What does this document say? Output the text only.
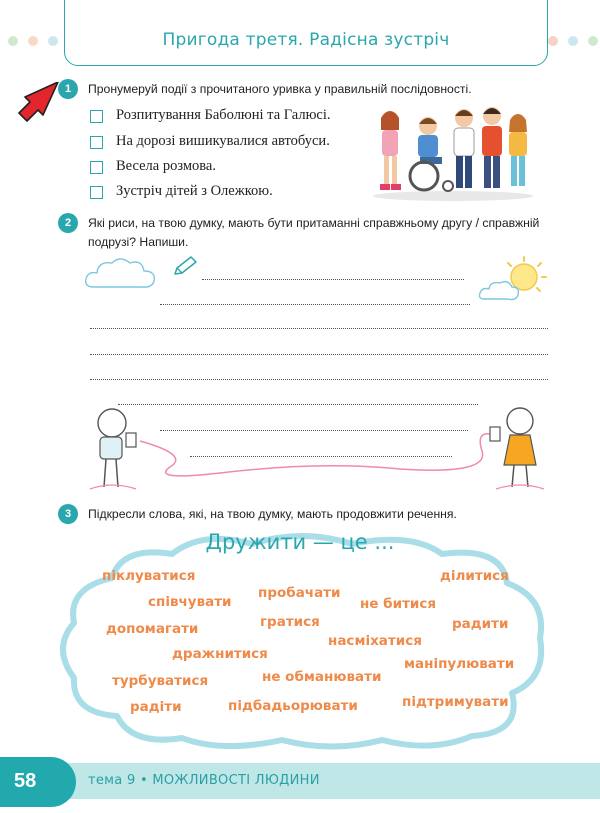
Пригода третя. Радісна зустріч
1	Пронумеруй події з прочитаного уривка у правильній послідовності.
Розпитування Баболюні та Галюсі.
На дорозі вишикувалися автобуси.
Весела розмова.
Зустріч дітей з Олежкою.
2	Які риси, на твою думку, мають бути притаманні справжньому другу / справжній
подрузі? Напиши.
3	Підкресли слова, які, на твою думку, мають продовжити речення.
Дружити — це ...
піклуватися
співчувати
допомагати
дражнитися
турбуватися
радіти
пробачати
гратися
не битися
насміхатися
не обманювати
підбадьорювати
ділитися
радити
маніпулювати
підтримувати
58	тема 9 • МОЖЛИВОСТІ ЛЮДИНИ
